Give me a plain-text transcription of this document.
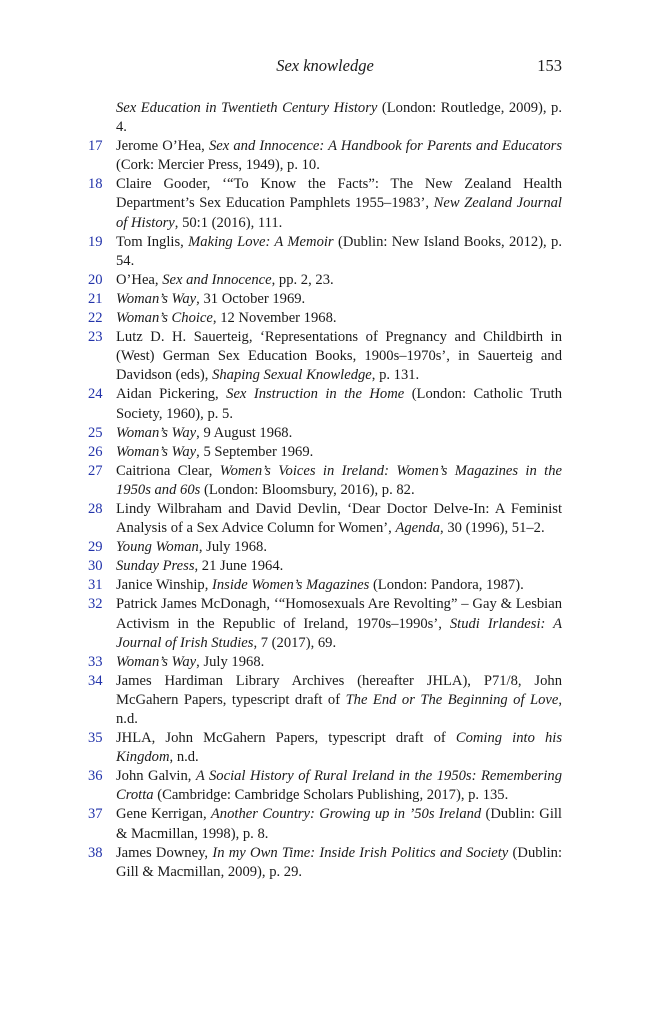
Sex knowledge	153
Sex Education in Twentieth Century History (London: Routledge, 2009), p. 4.
17 Jerome O’Hea, Sex and Innocence: A Handbook for Parents and Educators (Cork: Mercier Press, 1949), p. 10.
18 Claire Gooder, ‘“To Know the Facts”: The New Zealand Health Department’s Sex Education Pamphlets 1955–1983’, New Zealand Journal of History, 50:1 (2016), 111.
19 Tom Inglis, Making Love: A Memoir (Dublin: New Island Books, 2012), p. 54.
20 O’Hea, Sex and Innocence, pp. 2, 23.
21 Woman’s Way, 31 October 1969.
22 Woman’s Choice, 12 November 1968.
23 Lutz D. H. Sauerteig, ‘Representations of Pregnancy and Childbirth in (West) German Sex Education Books, 1900s–1970s’, in Sauerteig and Davidson (eds), Shaping Sexual Knowledge, p. 131.
24 Aidan Pickering, Sex Instruction in the Home (London: Catholic Truth Society, 1960), p. 5.
25 Woman’s Way, 9 August 1968.
26 Woman’s Way, 5 September 1969.
27 Caitriona Clear, Women’s Voices in Ireland: Women’s Magazines in the 1950s and 60s (London: Bloomsbury, 2016), p. 82.
28 Lindy Wilbraham and David Devlin, ‘Dear Doctor Delve-In: A Feminist Analysis of a Sex Advice Column for Women’, Agenda, 30 (1996), 51–2.
29 Young Woman, July 1968.
30 Sunday Press, 21 June 1964.
31 Janice Winship, Inside Women’s Magazines (London: Pandora, 1987).
32 Patrick James McDonagh, ‘“Homosexuals Are Revolting” – Gay & Lesbian Activism in the Republic of Ireland, 1970s–1990s’, Studi Irlandesi: A Journal of Irish Studies, 7 (2017), 69.
33 Woman’s Way, July 1968.
34 James Hardiman Library Archives (hereafter JHLA), P71/8, John McGahern Papers, typescript draft of The End or The Beginning of Love, n.d.
35 JHLA, John McGahern Papers, typescript draft of Coming into his Kingdom, n.d.
36 John Galvin, A Social History of Rural Ireland in the 1950s: Remembering Crotta (Cambridge: Cambridge Scholars Publishing, 2017), p. 135.
37 Gene Kerrigan, Another Country: Growing up in ’50s Ireland (Dublin: Gill & Macmillan, 1998), p. 8.
38 James Downey, In my Own Time: Inside Irish Politics and Society (Dublin: Gill & Macmillan, 2009), p. 29.
